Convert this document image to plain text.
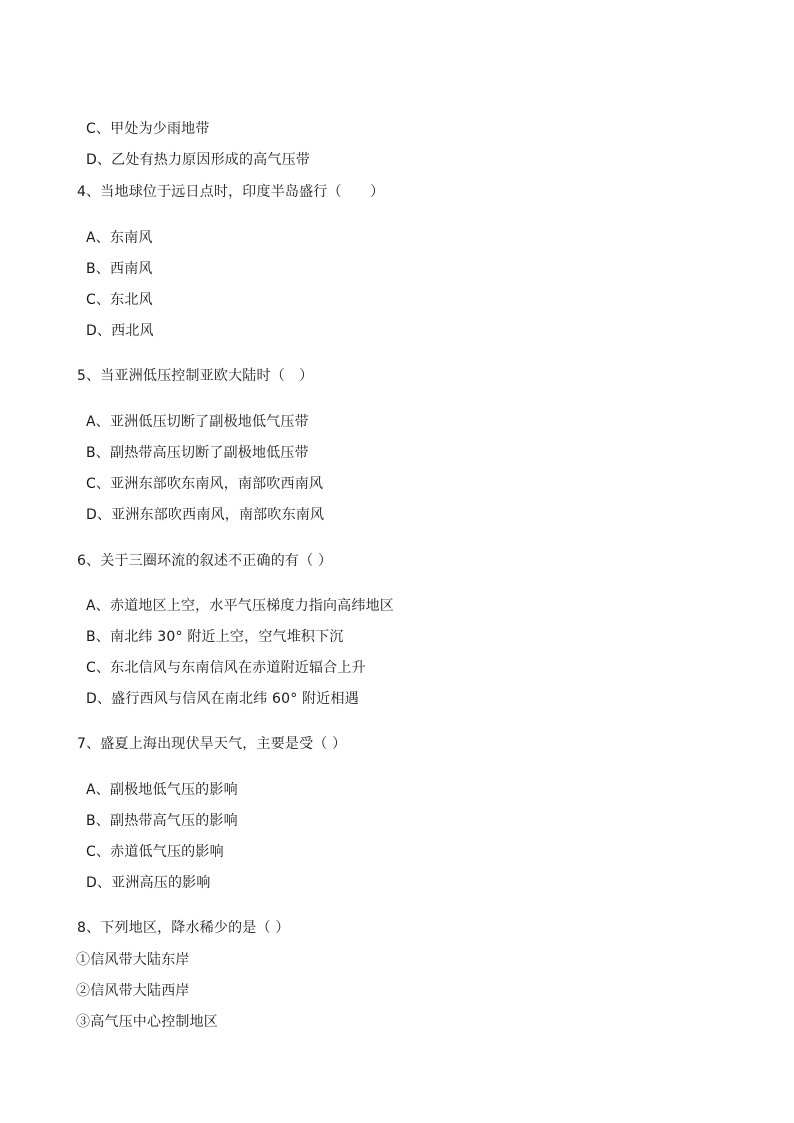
C、甲处为少雨地带
D、乙处有热力原因形成的高气压带
4、当地球位于远日点时，印度半岛盛行（　　）
A、东南风
B、西南风
C、东北风
D、西北风
5、当亚洲低压控制亚欧大陆时（　）
A、亚洲低压切断了副极地低气压带
B、副热带高压切断了副极地低压带
C、亚洲东部吹东南风，南部吹西南风
D、亚洲东部吹西南风，南部吹东南风
6、关于三圈环流的叙述不正确的有（ ）
A、赤道地区上空，水平气压梯度力指向高纬地区
B、南北纬 30° 附近上空，空气堆积下沉
C、东北信风与东南信风在赤道附近辐合上升
D、盛行西风与信风在南北纬 60° 附近相遇
7、盛夏上海出现伏旱天气，主要是受（ ）
A、副极地低气压的影响
B、副热带高气压的影响
C、赤道低气压的影响
D、亚洲高压的影响
8、下列地区，降水稀少的是（ ）
①信风带大陆东岸
②信风带大陆西岸
③高气压中心控制地区
